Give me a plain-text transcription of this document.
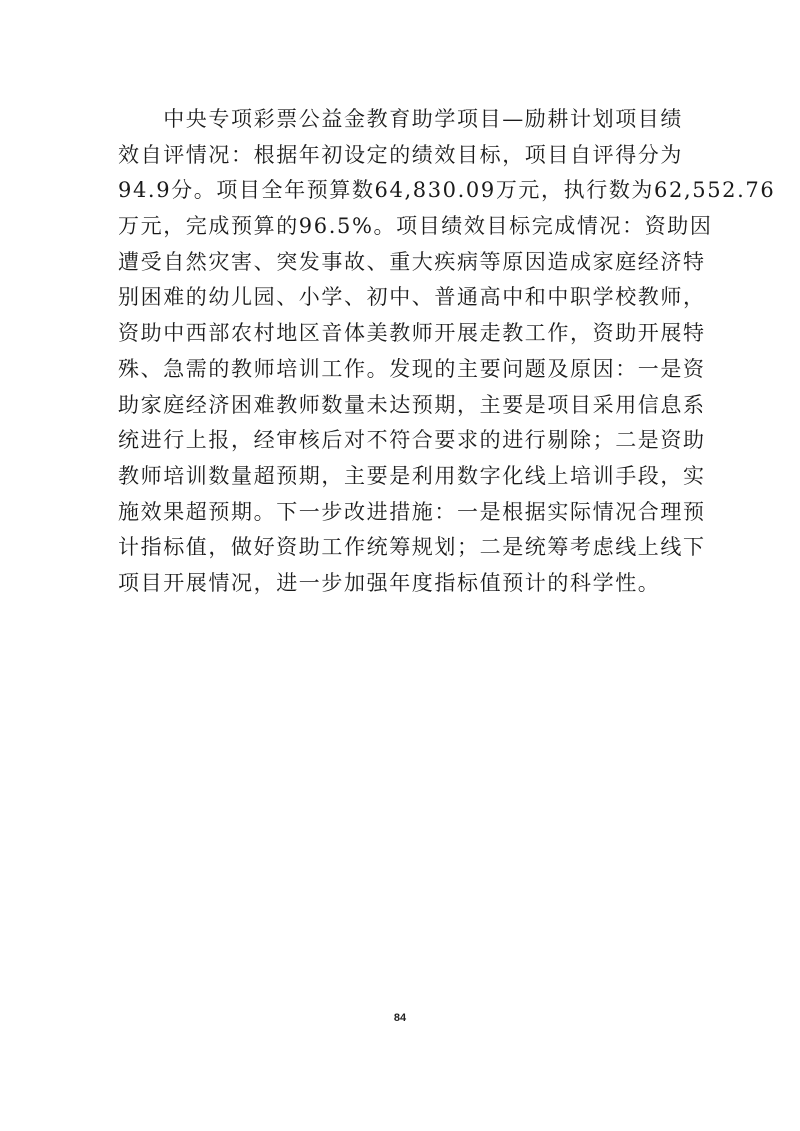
　　中央专项彩票公益金教育助学项目—励耕计划项目绩
效自评情况：根据年初设定的绩效目标，项目自评得分为
94.9分。项目全年预算数64,830.09万元，执行数为62,552.76
万元，完成预算的96.5%。项目绩效目标完成情况：资助因
遭受自然灾害、突发事故、重大疾病等原因造成家庭经济特
别困难的幼儿园、小学、初中、普通高中和中职学校教师，
资助中西部农村地区音体美教师开展走教工作，资助开展特
殊、急需的教师培训工作。发现的主要问题及原因：一是资
助家庭经济困难教师数量未达预期，主要是项目采用信息系
统进行上报，经审核后对不符合要求的进行剔除；二是资助
教师培训数量超预期，主要是利用数字化线上培训手段，实
施效果超预期。下一步改进措施：一是根据实际情况合理预
计指标值，做好资助工作统筹规划；二是统筹考虑线上线下
项目开展情况，进一步加强年度指标值预计的科学性。
84
